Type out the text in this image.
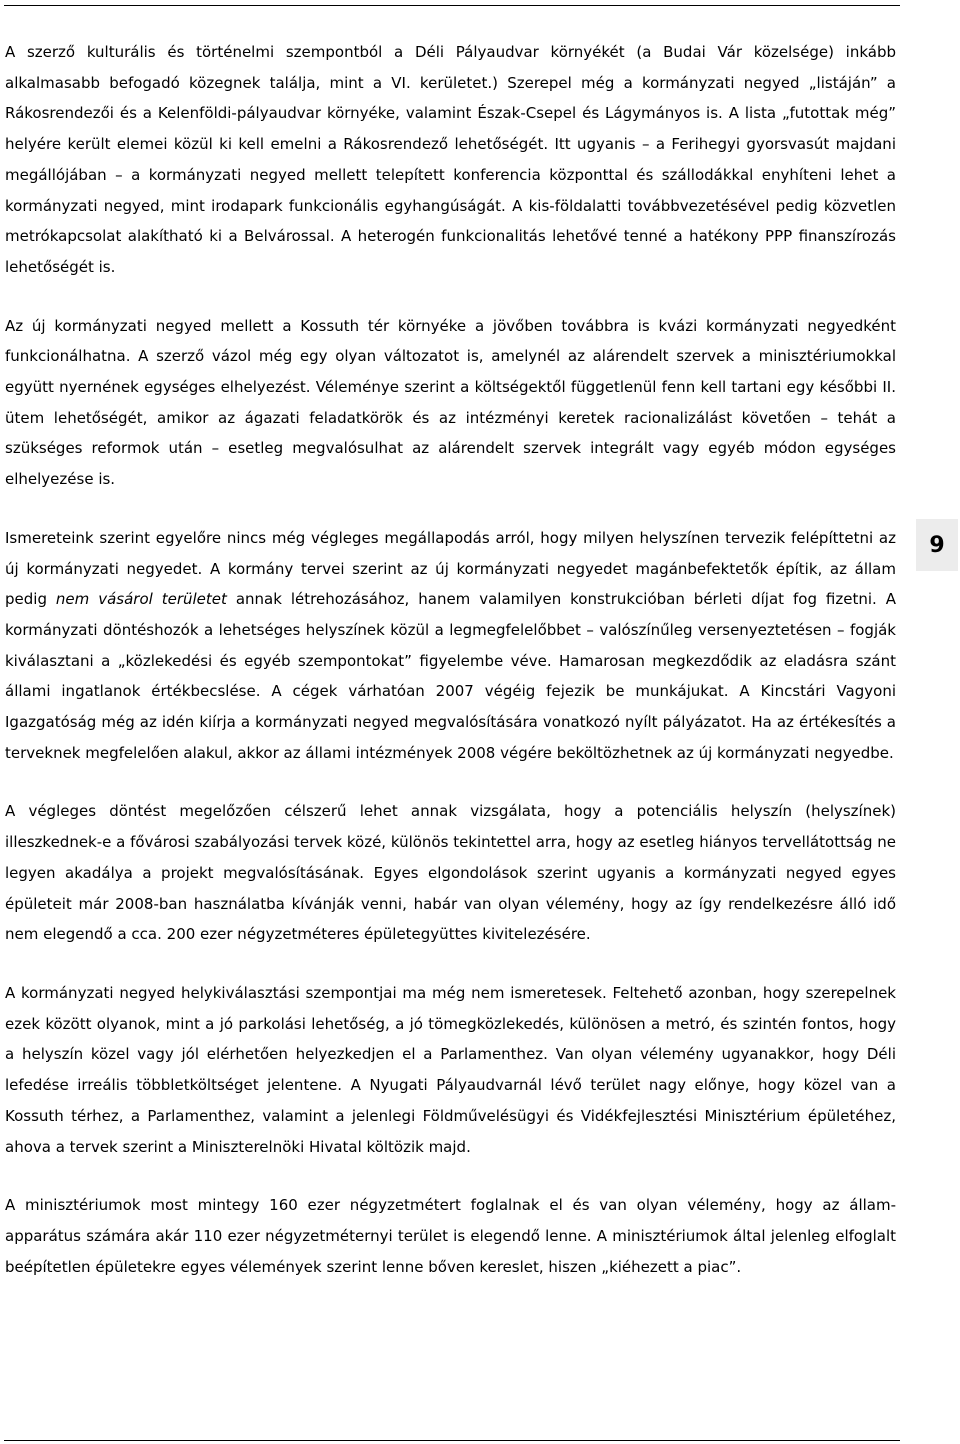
A szerző kulturális és történelmi szempontból a Déli Pályaudvar környékét (a Budai Vár közelsége) inkább alkalmasabb befogadó közegnek találja, mint a VI. kerületet.) Szerepel még a kormányzati negyed „listáján” a Rákosrendezői és a Kelenföldi-pályaudvar környéke, valamint Észak-Csepel és Lágymányos is. A lista „futottak még” helyére került elemei közül ki kell emelni a Rákosrendező lehetőségét. Itt ugyanis – a Ferihegyi gyorsvasút majdani megállójában – a kormányzati negyed mellett telepített konferencia központtal és szállodákkal enyhíteni lehet a kormányzati negyed, mint irodapark funkcionális egyhangúságát. A kis-földalatti továbbvezetésével pedig közvetlen metrókapcsolat alakítható ki a Belvárossal. A heterogén funkcionalitás lehetővé tenné a hatékony PPP finanszírozás lehetőségét is.

Az új kormányzati negyed mellett a Kossuth tér környéke a jövőben továbbra is kvázi kormányzati negyedként funkcionálhatna. A szerző vázol még egy olyan változatot is, amelynél az alárendelt szervek a minisztériumokkal együtt nyernének egységes elhelyezést. Véleménye szerint a költségektől függetlenül fenn kell tartani egy későbbi II. ütem lehetőségét, amikor az ágazati feladatkörök és az intézményi keretek racionalizálást követően – tehát a szükséges reformok után – esetleg megvalósulhat az alárendelt szervek integrált vagy egyéb módon egységes elhelyezése is.

Ismereteink szerint egyelőre nincs még végleges megállapodás arról, hogy milyen helyszínen tervezik felépíttetni az új kormányzati negyedet. A kormány tervei szerint az új kormányzati negyedet magánbefektetők építik, az állam pedig nem vásárol területet annak létrehozásához, hanem valamilyen konstrukcióban bérleti díjat fog fizetni. A kormányzati döntéshozók a lehetséges helyszínek közül a legmegfelelőbbet – valószínűleg versenyeztetésen – fogják kiválasztani a „közlekedési és egyéb szempontokat” figyelembe véve. Hamarosan megkezdődik az eladásra szánt állami ingatlanok értékbecslése. A cégek várhatóan 2007 végéig fejezik be munkájukat. A Kincstári Vagyoni Igazgatóság még az idén kiírja a kormányzati negyed megvalósítására vonatkozó nyílt pályázatot. Ha az értékesítés a terveknek megfelelően alakul, akkor az állami intézmények 2008 végére beköltözhetnek az új kormányzati negyedbe.

A végleges döntést megelőzően célszerű lehet annak vizsgálata, hogy a potenciális helyszín (helyszínek) illeszkednek-e a fővárosi szabályozási tervek közé, különös tekintettel arra, hogy az esetleg hiányos tervellátottság ne legyen akadálya a projekt megvalósításának. Egyes elgondolások szerint ugyanis a kormányzati negyed egyes épületeit már 2008-ban használatba kívánják venni, habár van olyan vélemény, hogy az így rendelkezésre álló idő nem elegendő a cca. 200 ezer négyzetméteres épületegyüttes kivitelezésére.

A kormányzati negyed helykiválasztási szempontjai ma még nem ismeretesek. Feltehető azonban, hogy szerepelnek ezek között olyanok, mint a jó parkolási lehetőség, a jó tömegközlekedés, különösen a metró, és szintén fontos, hogy a helyszín közel vagy jól elérhetően helyezkedjen el a Parlamenthez. Van olyan vélemény ugyanakkor, hogy Déli lefedése irreális többletköltséget jelentene. A Nyugati Pályaudvarnál lévő terület nagy előnye, hogy közel van a Kossuth térhez, a Parlamenthez, valamint a jelenlegi Földművelésügyi és Vidékfejlesztési Minisztérium épületéhez, ahova a tervek szerint a Miniszterelnöki Hivatal költözik majd.

A minisztériumok most mintegy 160 ezer négyzetmétert foglalnak el és van olyan vélemény, hogy az állam-apparátus számára akár 110 ezer négyzetméternyi terület is elegendő lenne. A minisztériumok által jelenleg elfoglalt beépítetlen épületekre egyes vélemények szerint lenne bőven kereslet, hiszen „kiéhezett a piac”.

9
